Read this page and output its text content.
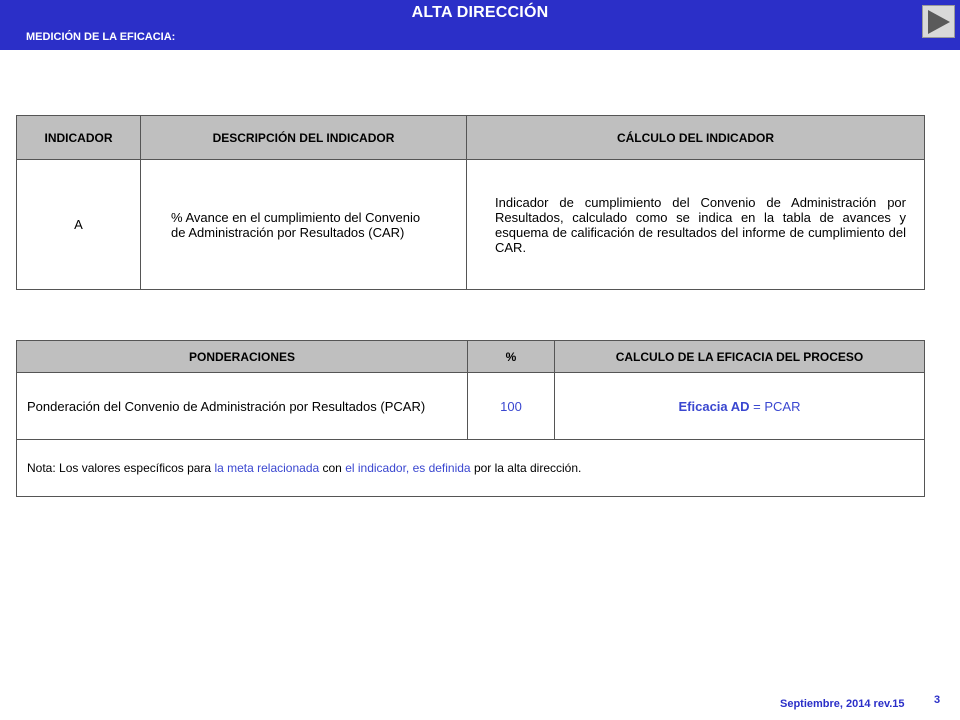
ALTA DIRECCIÓN
MEDICIÓN DE LA EFICACIA:
INDICADOR	DESCRIPCIÓN DEL INDICADOR	CÁLCULO DEL INDICADOR
A	% Avance en el cumplimiento del Convenio de Administración por Resultados (CAR)	Indicador de cumplimiento del Convenio de Administración por Resultados, calculado como se indica en la tabla de avances y esquema de calificación de resultados del informe de cumplimiento del CAR.
PONDERACIONES	%	CALCULO DE LA EFICACIA DEL PROCESO
Ponderación del Convenio de Administración por Resultados (PCAR)	100	Eficacia AD = PCAR
Nota: Los valores específicos para la meta relacionada con el indicador, es definida por la alta dirección.		
Septiembre, 2014 rev.15	3
